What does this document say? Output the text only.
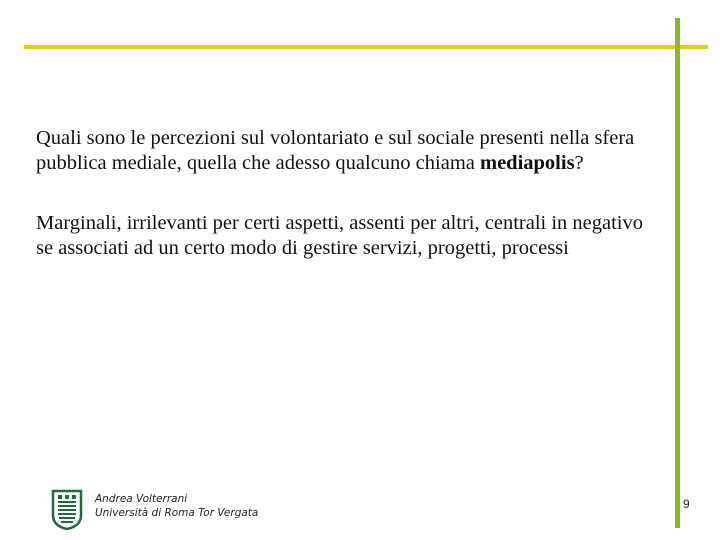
Quali sono le percezioni sul volontariato e sul sociale presenti nella sfera pubblica mediale, quella che adesso qualcuno chiama mediapolis?

Marginali, irrilevanti per certi aspetti, assenti per altri, centrali in negativo se associati ad un certo modo di gestire servizi, progetti, processi

Andrea Volterrani
Università di Roma Tor Vergata
9
